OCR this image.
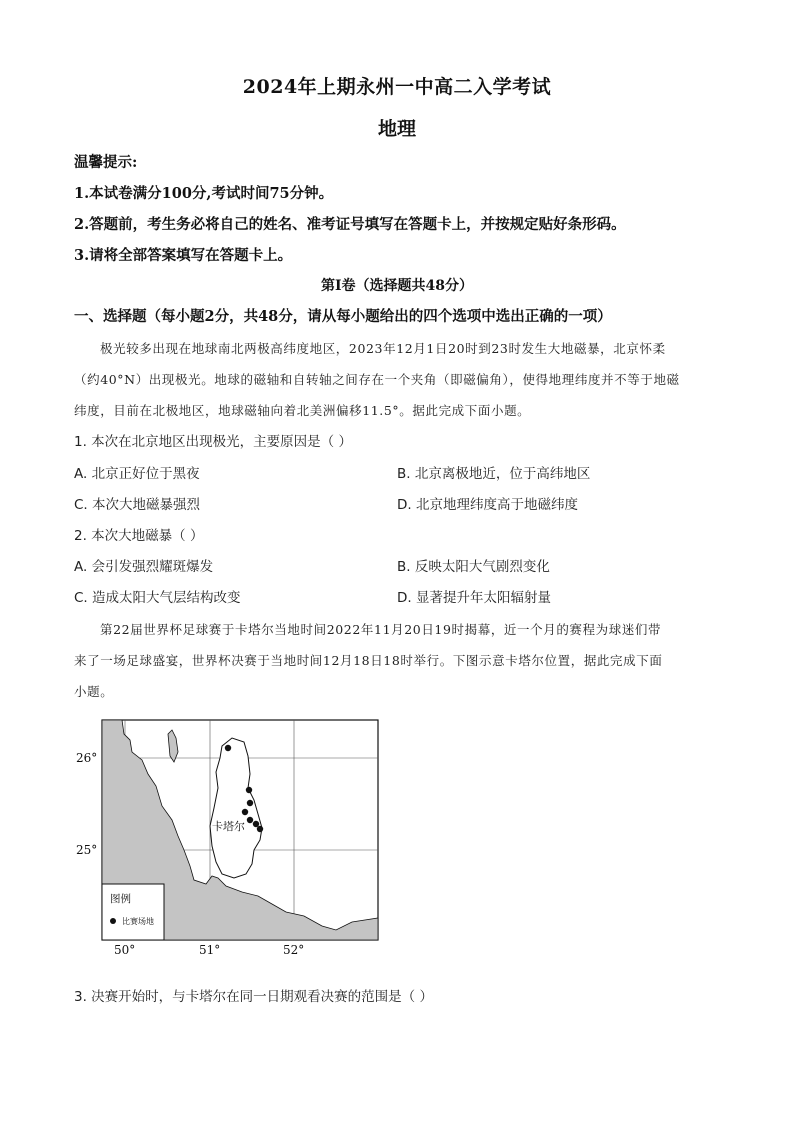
2024年上期永州一中高二入学考试
地理
温馨提示:
1.本试卷满分100分,考试时间75分钟。
2.答题前，考生务必将自己的姓名、准考证号填写在答题卡上，并按规定贴好条形码。
3.请将全部答案填写在答题卡上。
第Ⅰ卷（选择题共48分）
一、选择题（每小题2分，共48分，请从每小题给出的四个选项中选出正确的一项）
极光较多出现在地球南北两极高纬度地区，2023年12月1日20时到23时发生大地磁暴，北京怀柔
（约40°N）出现极光。地球的磁轴和自转轴之间存在一个夹角（即磁偏角），使得地理纬度并不等于地磁
纬度，目前在北极地区，地球磁轴向着北美洲偏移11.5°。据此完成下面小题。
1. 本次在北京地区出现极光，主要原因是（ ）
A. 北京正好位于黑夜	B. 北京离极地近，位于高纬地区
C. 本次大地磁暴强烈	D. 北京地理纬度高于地磁纬度
2. 本次大地磁暴（ ）
A. 会引发强烈耀斑爆发	B. 反映太阳大气剧烈变化
C. 造成太阳大气层结构改变	D. 显著提升年太阳辐射量
第22届世界杯足球赛于卡塔尔当地时间2022年11月20日19时揭幕，近一个月的赛程为球迷们带
来了一场足球盛宴，世界杯决赛于当地时间12月18日18时举行。下图示意卡塔尔位置，据此完成下面
小题。
卡塔尔
26°
25°
50°	51°	52°
图例
比赛场地
3. 决赛开始时，与卡塔尔在同一日期观看决赛的范围是（ ）
